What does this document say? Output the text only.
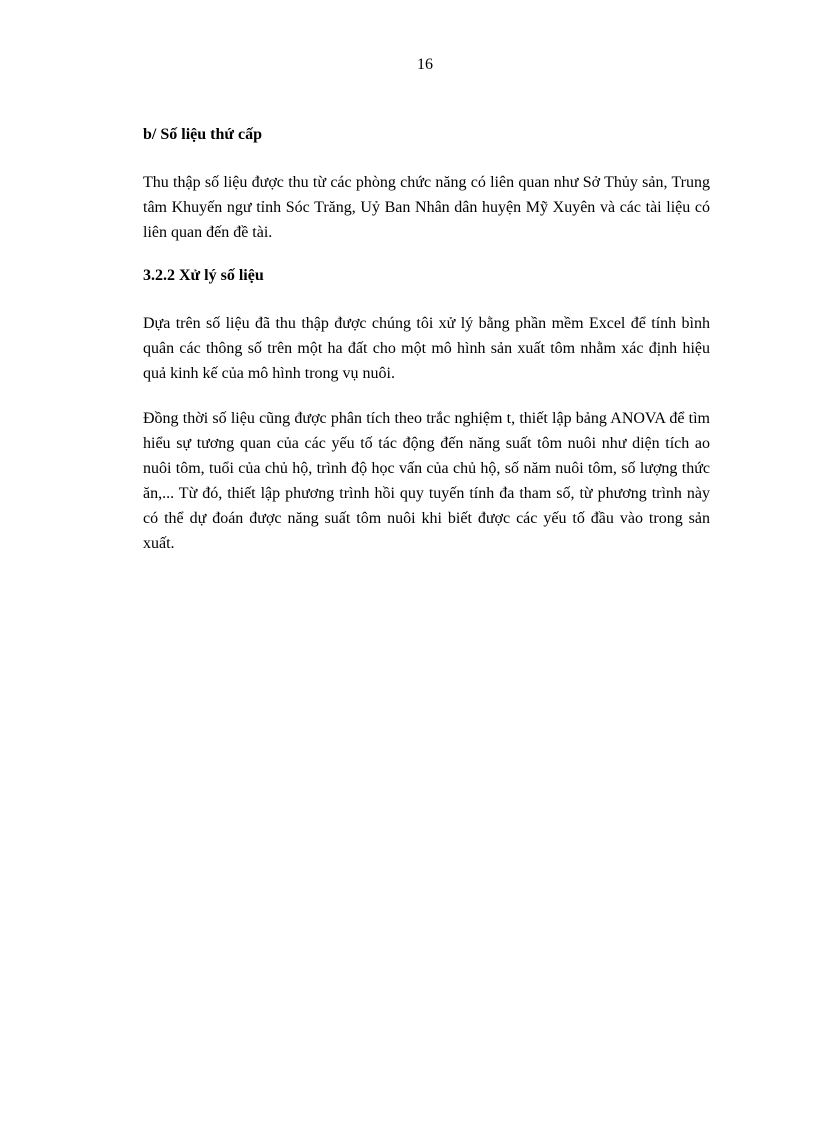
16
b/ Số liệu thứ cấp

Thu thập số liệu được thu từ các phòng chức năng có liên quan như Sở Thủy sản, Trung tâm Khuyến ngư tỉnh Sóc Trăng, Uỷ Ban Nhân dân huyện Mỹ Xuyên và các tài liệu có liên quan đến đề tài.

3.2.2 Xử lý số liệu

Dựa trên số liệu đã thu thập được chúng tôi xử lý bằng phần mềm Excel để tính bình quân các thông số trên một ha đất cho một mô hình sản xuất tôm nhằm xác định hiệu quả kinh kế của mô hình trong vụ nuôi.

Đồng thời số liệu cũng được phân tích theo trắc nghiệm t, thiết lập bảng ANOVA để tìm hiểu sự tương quan của các yếu tố tác động đến năng suất tôm nuôi như diện tích ao nuôi tôm, tuổi của chủ hộ, trình độ học vấn của chủ hộ, số năm nuôi tôm, số lượng thức ăn,... Từ đó, thiết lập phương trình hồi quy tuyến tính đa tham số, từ phương trình này có thể dự đoán được năng suất tôm nuôi khi biết được các yếu tố đầu vào trong sản xuất.
